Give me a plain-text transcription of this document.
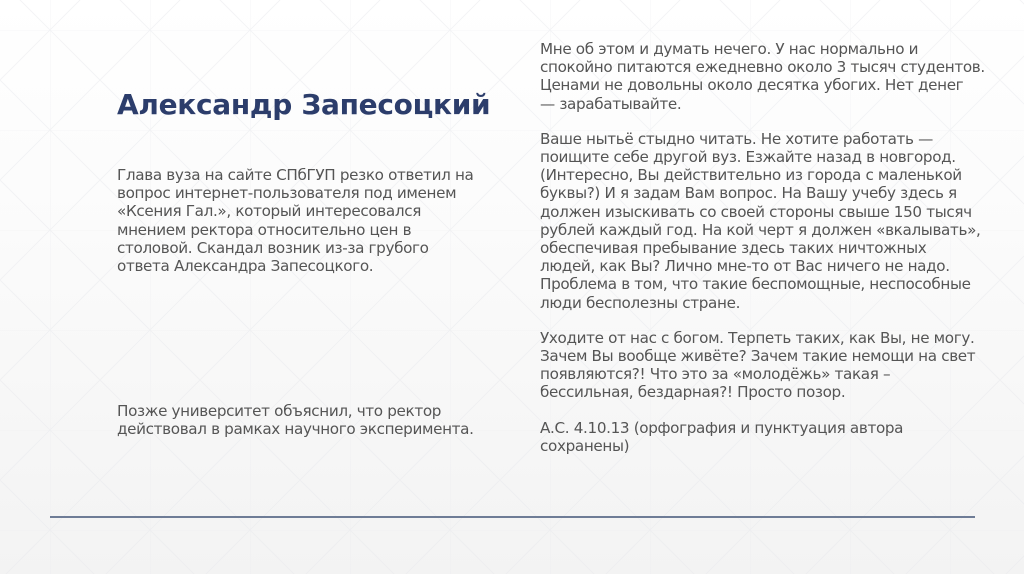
Александр Запесоцкий
Глава вуза на сайте СПбГУП резко ответил на
вопрос интернет-пользователя под именем
«Ксения Гал.», который интересовался
мнением ректора относительно цен в
столовой. Скандал возник из-за грубого
ответа Александра Запесоцкого.
Позже университет объяснил, что ректор
действовал в рамках научного эксперимента.

Мне об этом и думать нечего. У нас нормально и
спокойно питаются ежедневно около 3 тысяч студентов.
Ценами не довольны около десятка убогих. Нет денег
— зарабатывайте.

Ваше нытьё стыдно читать. Не хотите работать —
поищите себе другой вуз. Езжайте назад в новгород.
(Интересно, Вы действительно из города с маленькой
буквы?) И я задам Вам вопрос. На Вашу учебу здесь я
должен изыскивать со своей стороны свыше 150 тысяч
рублей каждый год. На кой черт я должен «вкалывать»,
обеспечивая пребывание здесь таких ничтожных
людей, как Вы? Лично мне-то от Вас ничего не надо.
Проблема в том, что такие беспомощные, неспособные
люди бесполезны стране.

Уходите от нас с богом. Терпеть таких, как Вы, не могу.
Зачем Вы вообще живёте? Зачем такие немощи на свет
появляются?! Что это за «молодёжь» такая –
бессильная, бездарная?! Просто позор.

А.С. 4.10.13 (орфография и пунктуация автора
сохранены)
